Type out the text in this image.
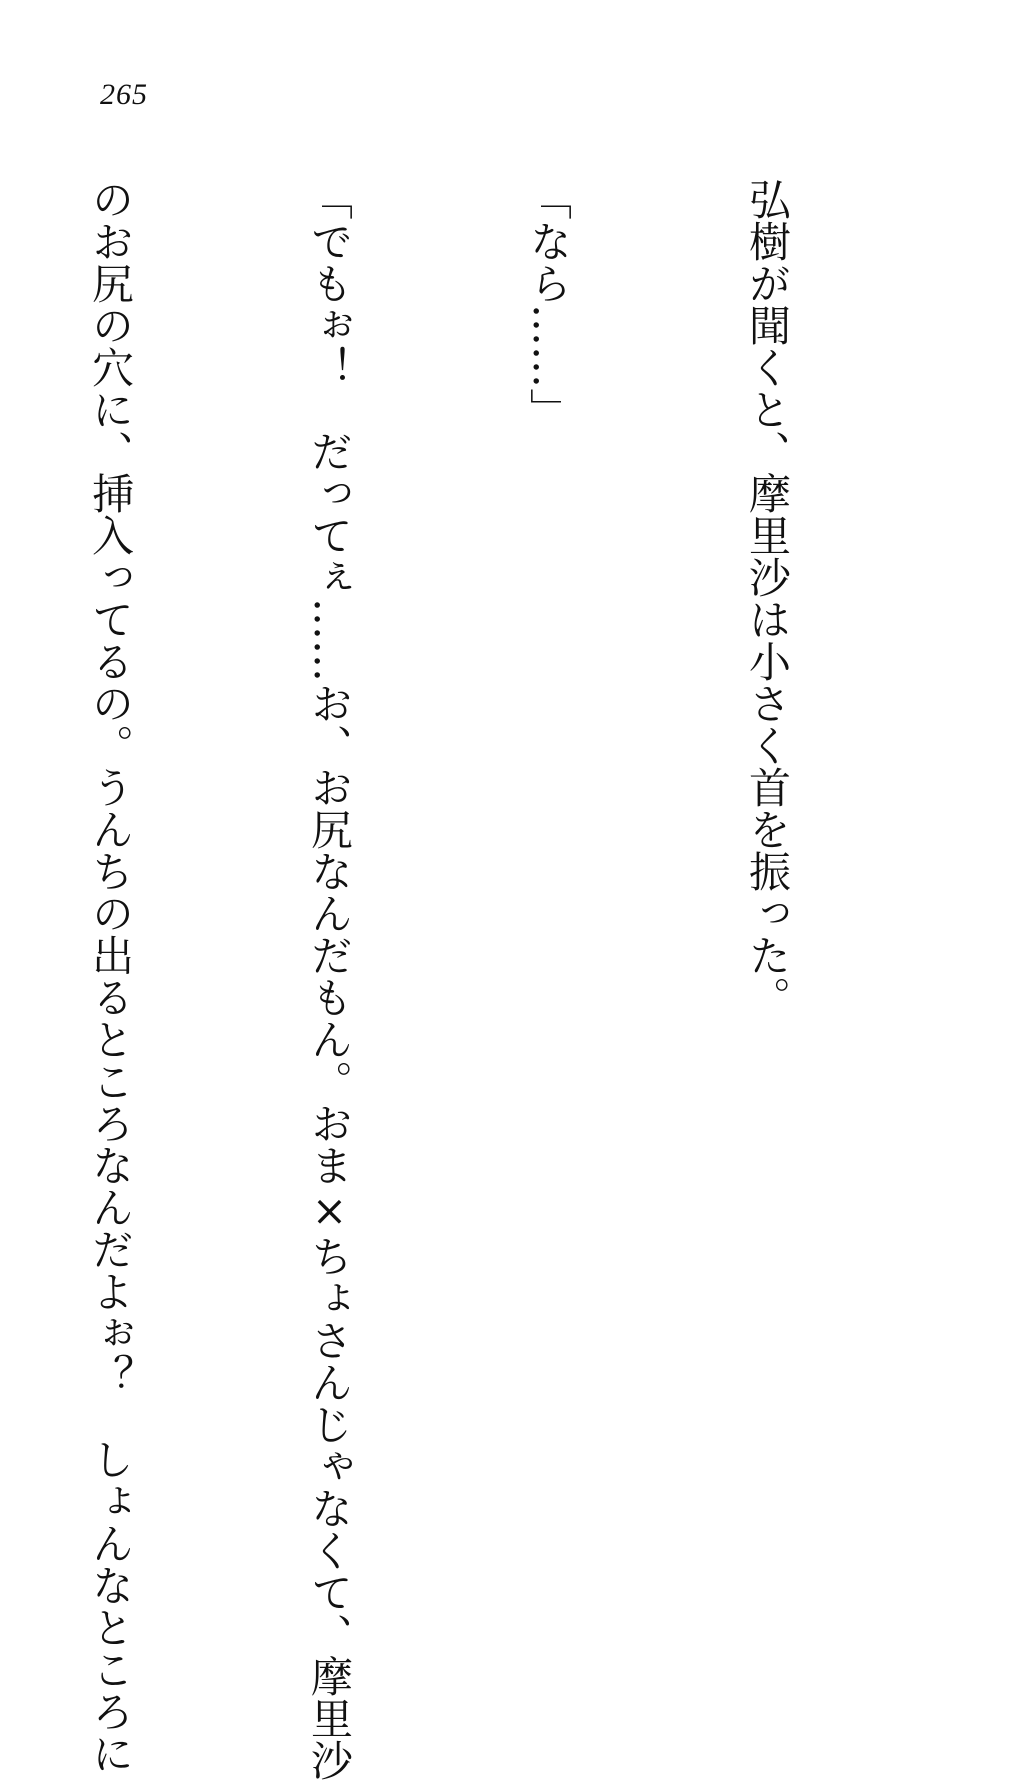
265

弘樹が聞くと、摩里沙は小さく首を振った。

「なら……」

「でもぉ！　だってぇ……お、お尻なんだもん。おま×ちょさんじゃなくて、摩里沙

のお尻の穴に、挿入ってるの。うんちの出るところなんだよぉ？　しょんなところに
